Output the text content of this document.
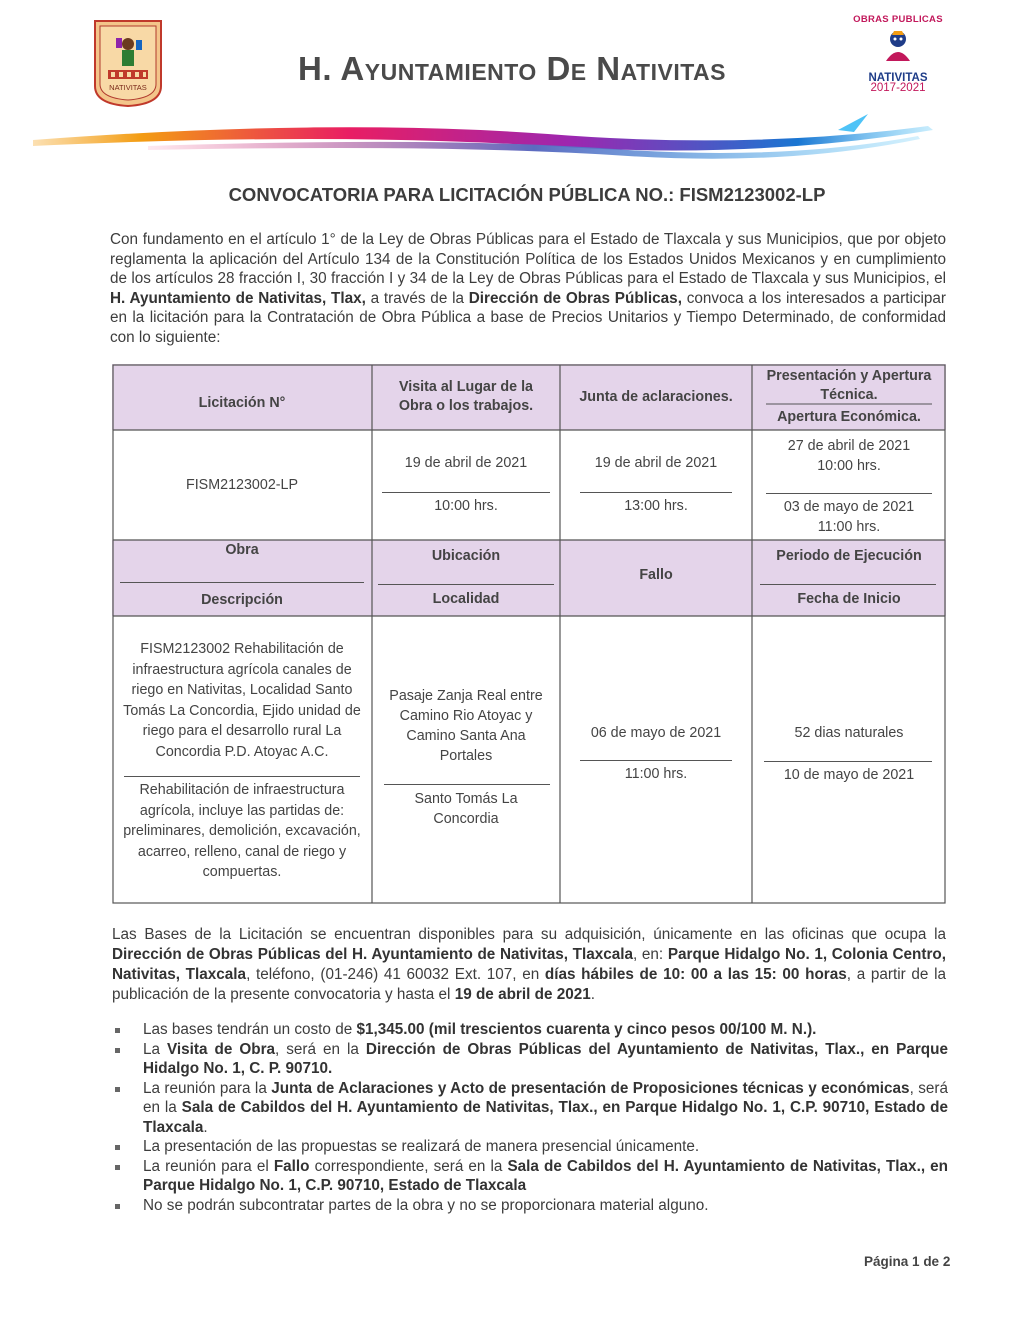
NATIVITAS
H. Ayuntamiento De Nativitas
OBRAS PUBLICAS
NATIVITAS
2017-2021
CONVOCATORIA PARA LICITACIÓN PÚBLICA NO.: FISM2123002-LP
Con fundamento en el artículo 1° de la Ley de Obras Públicas para el Estado de Tlaxcala y sus Municipios, que por objeto reglamenta la aplicación del Artículo 134 de la Constitución Política de los Estados Unidos Mexicanos y en cumplimiento de los artículos 28 fracción I, 30 fracción I y 34 de la Ley de Obras Públicas para el Estado de Tlaxcala y sus Municipios, el H. Ayuntamiento de Nativitas, Tlax, a través de la Dirección de Obras Públicas, convoca a los interesados a participar en la licitación para la Contratación de Obra Pública a base de Precios Unitarios y Tiempo Determinado, de conformidad con lo siguiente:
Licitación N°
Visita al Lugar de la Obra o los trabajos.
Junta de aclaraciones.
Presentación y Apertura Técnica.
Apertura Económica.
FISM2123002-LP
19 de abril de 2021
10:00 hrs.
19 de abril de 2021
13:00 hrs.
27 de abril de 2021
10:00 hrs.
03 de mayo de 2021
11:00 hrs.
Obra
Descripción
Ubicación
Localidad
Fallo
Periodo de Ejecución
Fecha de Inicio
FISM2123002 Rehabilitación de infraestructura agrícola canales de riego en Nativitas, Localidad Santo Tomás La Concordia, Ejido unidad de riego para el desarrollo rural La Concordia P.D. Atoyac A.C.
Rehabilitación de infraestructura agrícola, incluye las partidas de: preliminares, demolición, excavación, acarreo, relleno, canal de riego y compuertas.
Pasaje Zanja Real entre Camino Rio Atoyac y Camino Santa Ana Portales
Santo Tomás La Concordia
06 de mayo de 2021
11:00 hrs.
52 dias naturales
10 de mayo de 2021
Las Bases de la Licitación se encuentran disponibles para su adquisición, únicamente en las oficinas que ocupa la Dirección de Obras Públicas del H. Ayuntamiento de Nativitas, Tlaxcala, en: Parque Hidalgo No. 1, Colonia Centro, Nativitas, Tlaxcala, teléfono, (01-246) 41 60032 Ext. 107, en días hábiles de 10: 00 a las 15: 00 horas, a partir de la publicación de la presente convocatoria y hasta el 19 de abril de 2021.
Las bases tendrán un costo de $1,345.00 (mil trescientos cuarenta y cinco pesos 00/100 M. N.).
La Visita de Obra, será en la Dirección de Obras Públicas del Ayuntamiento de Nativitas, Tlax., en Parque Hidalgo No. 1, C. P. 90710.
La reunión para la Junta de Aclaraciones y Acto de presentación de Proposiciones técnicas y económicas, será en la Sala de Cabildos del H. Ayuntamiento de Nativitas, Tlax., en Parque Hidalgo No. 1, C.P. 90710, Estado de Tlaxcala.
La presentación de las propuestas se realizará de manera presencial únicamente.
La reunión para el Fallo correspondiente, será en la Sala de Cabildos del H. Ayuntamiento de Nativitas, Tlax., en Parque Hidalgo No. 1, C.P. 90710, Estado de Tlaxcala
No se podrán subcontratar partes de la obra y no se proporcionara material alguno.
Página 1 de 2
